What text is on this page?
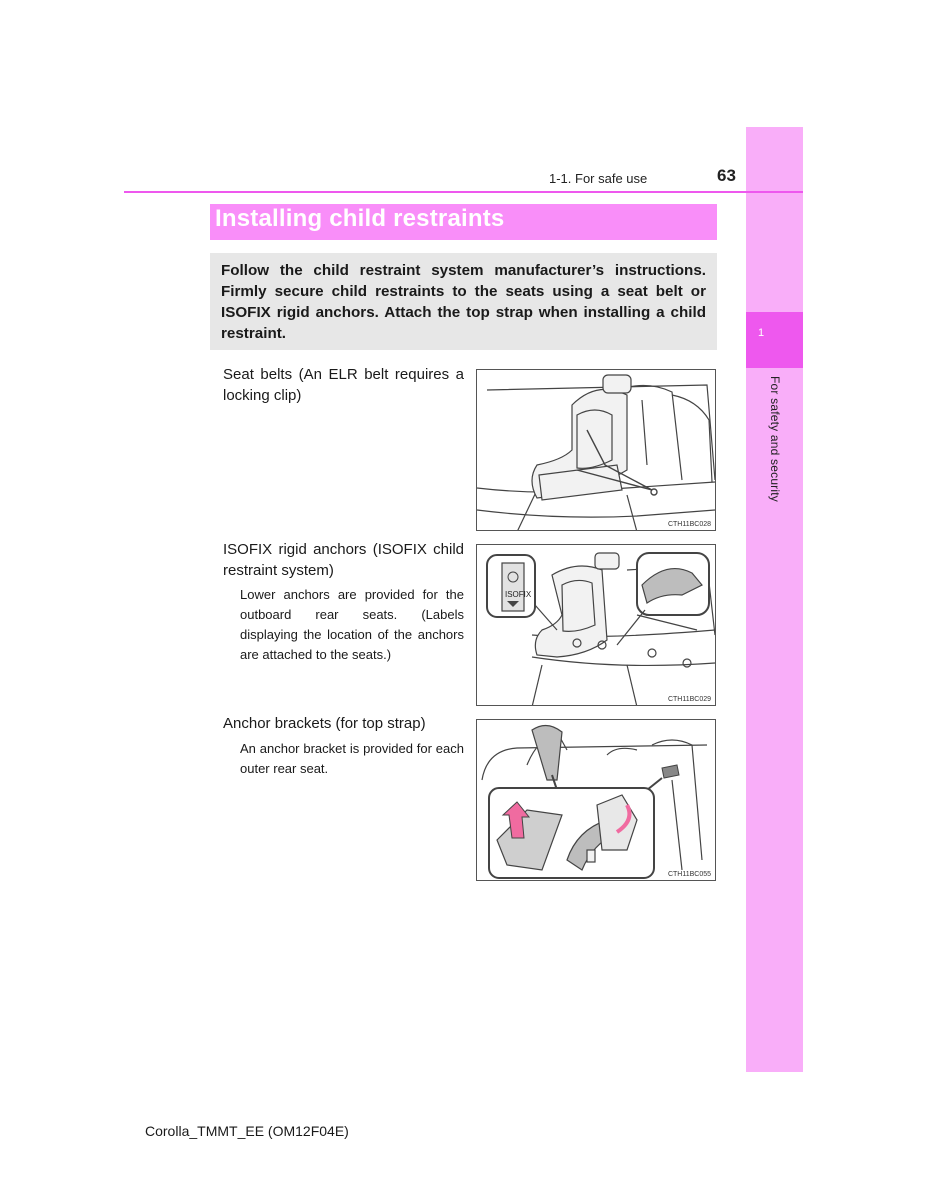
1
For safety and security
1-1. For safe use	63
Installing child restraints
Follow the child restraint system manufacturer’s instructions. Firmly secure child restraints to the seats using a seat belt or ISOFIX rigid anchors. Attach the top strap when installing a child restraint.
Seat belts (An ELR belt requires a locking clip)
CTH11BC028
ISOFIX rigid anchors (ISOFIX child restraint system)
Lower anchors are provided for the outboard rear seats. (Labels displaying the location of the anchors are attached to the seats.)
ISOFIX
CTH11BC029
Anchor brackets (for top strap)
An anchor bracket is provided for each outer rear seat.
CTH11BC055
Corolla_TMMT_EE (OM12F04E)
